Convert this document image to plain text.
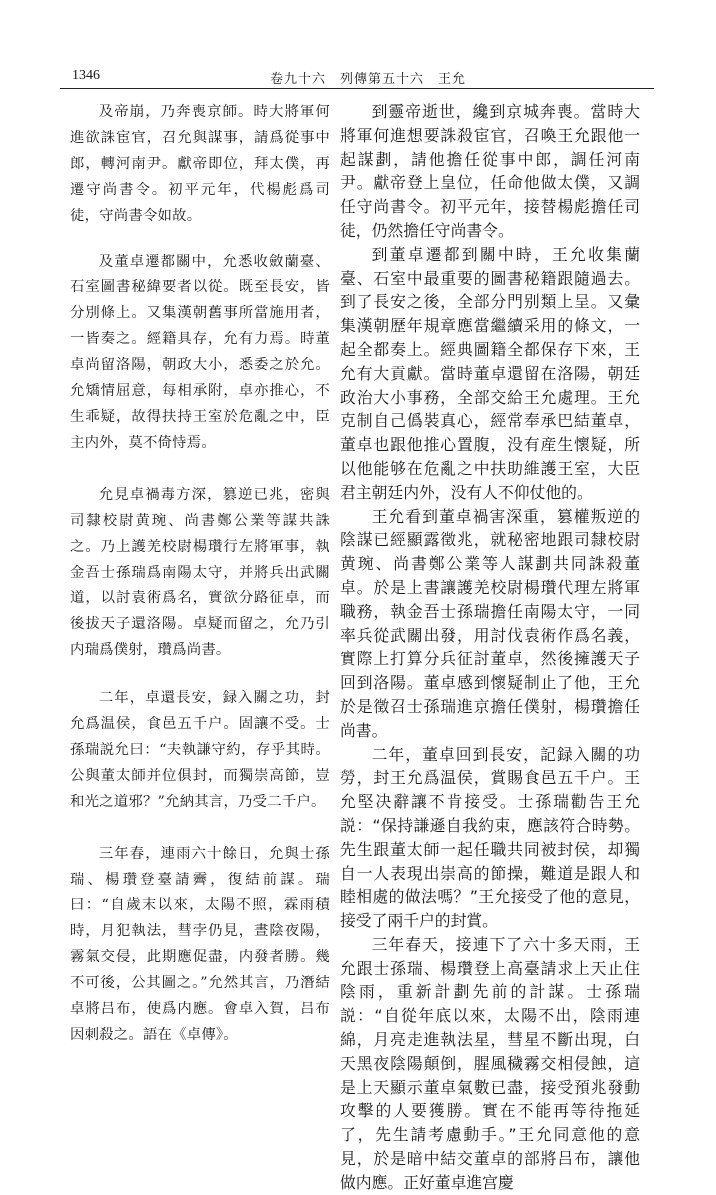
1346	卷九十六　列傳第五十六　王允

及帝崩，乃奔喪京師。時大將軍何進欲誅宦官，召允與謀事，請爲從事中郎，轉河南尹。獻帝即位，拜太僕，再遷守尚書令。初平元年，代楊彪爲司徒，守尚書令如故。

及董卓遷都關中，允悉收斂蘭臺、石室圖書秘緯要者以從。既至長安，皆分別條上。又集漢朝舊事所當施用者，一皆奏之。經籍具存，允有力焉。時董卓尚留洛陽，朝政大小，悉委之於允。允矯情屈意，每相承附，卓亦推心，不生乖疑，故得扶持王室於危亂之中，臣主内外，莫不倚恃焉。

允見卓禍毒方深，篡逆已兆，密與司隸校尉黄琬、尚書鄭公業等謀共誅之。乃上護羌校尉楊瓚行左將軍事，執金吾士孫瑞爲南陽太守，并將兵出武關道，以討袁術爲名，實欲分路征卓，而後拔天子還洛陽。卓疑而留之，允乃引内瑞爲僕射，瓚爲尚書。

二年，卓還長安，録入關之功，封允爲温侯，食邑五千户。固讓不受。士孫瑞説允曰：“夫執謙守約，存乎其時。公與董太師并位俱封，而獨崇高節，豈和光之道邪？”允納其言，乃受二千户。

三年春，連雨六十餘日，允與士孫瑞、楊瓚登臺請霽，復結前謀。瑞曰：“自歲末以來，太陽不照，霖雨積時，月犯執法，彗孛仍見，晝陰夜陽，霧氣交侵，此期應促盡，内發者勝。幾不可後，公其圖之。”允然其言，乃潛結卓將吕布，使爲内應。會卓入賀，吕布因刺殺之。語在《卓傳》。

到靈帝逝世，纔到京城奔喪。當時大將軍何進想要誅殺宦官，召喚王允跟他一起謀劃，請他擔任從事中郎，調任河南尹。獻帝登上皇位，任命他做太僕，又調任守尚書令。初平元年，接替楊彪擔任司徒，仍然擔任守尚書令。

到董卓遷都到關中時，王允收集蘭臺、石室中最重要的圖書秘籍跟隨過去。到了長安之後，全部分門别類上呈。又彙集漢朝歷年規章應當繼續采用的條文，一起全都奏上。經典圖籍全都保存下來，王允有大貢獻。當時董卓還留在洛陽，朝廷政治大小事務，全部交給王允處理。王允克制自己僞裝真心，經常奉承巴結董卓，董卓也跟他推心置腹，没有産生懷疑，所以他能够在危亂之中扶助維護王室，大臣君主朝廷内外，没有人不仰仗他的。

王允看到董卓禍害深重，篡權叛逆的陰謀已經顯露徵兆，就秘密地跟司隸校尉黄琬、尚書鄭公業等人謀劃共同誅殺董卓。於是上書讓護羌校尉楊瓚代理左將軍職務，執金吾士孫瑞擔任南陽太守，一同率兵從武關出發，用討伐袁術作爲名義，實際上打算分兵征討董卓，然後擁護天子回到洛陽。董卓感到懷疑制止了他，王允於是徵召士孫瑞進京擔任僕射，楊瓚擔任尚書。

二年，董卓回到長安，記録入關的功勞，封王允爲温侯，賞賜食邑五千户。王允堅决辭讓不肯接受。士孫瑞勸告王允説：“保持謙遜自我約束，應該符合時勢。先生跟董太師一起任職共同被封侯，却獨自一人表現出崇高的節操，難道是跟人和睦相處的做法嗎？”王允接受了他的意見，接受了兩千户的封賞。

三年春天，接連下了六十多天雨，王允跟士孫瑞、楊瓚登上高臺請求上天止住陰雨，重新計劃先前的計謀。士孫瑞説：“自從年底以來，太陽不出，陰雨連綿，月亮走進執法星，彗星不斷出現，白天黑夜陰陽顛倒，腥風穢霧交相侵蝕，這是上天顯示董卓氣數已盡，接受預兆發動攻擊的人要獲勝。實在不能再等待拖延了，先生請考慮動手。”王允同意他的意見，於是暗中結交董卓的部將吕布，讓他做内應。正好董卓進宫慶
